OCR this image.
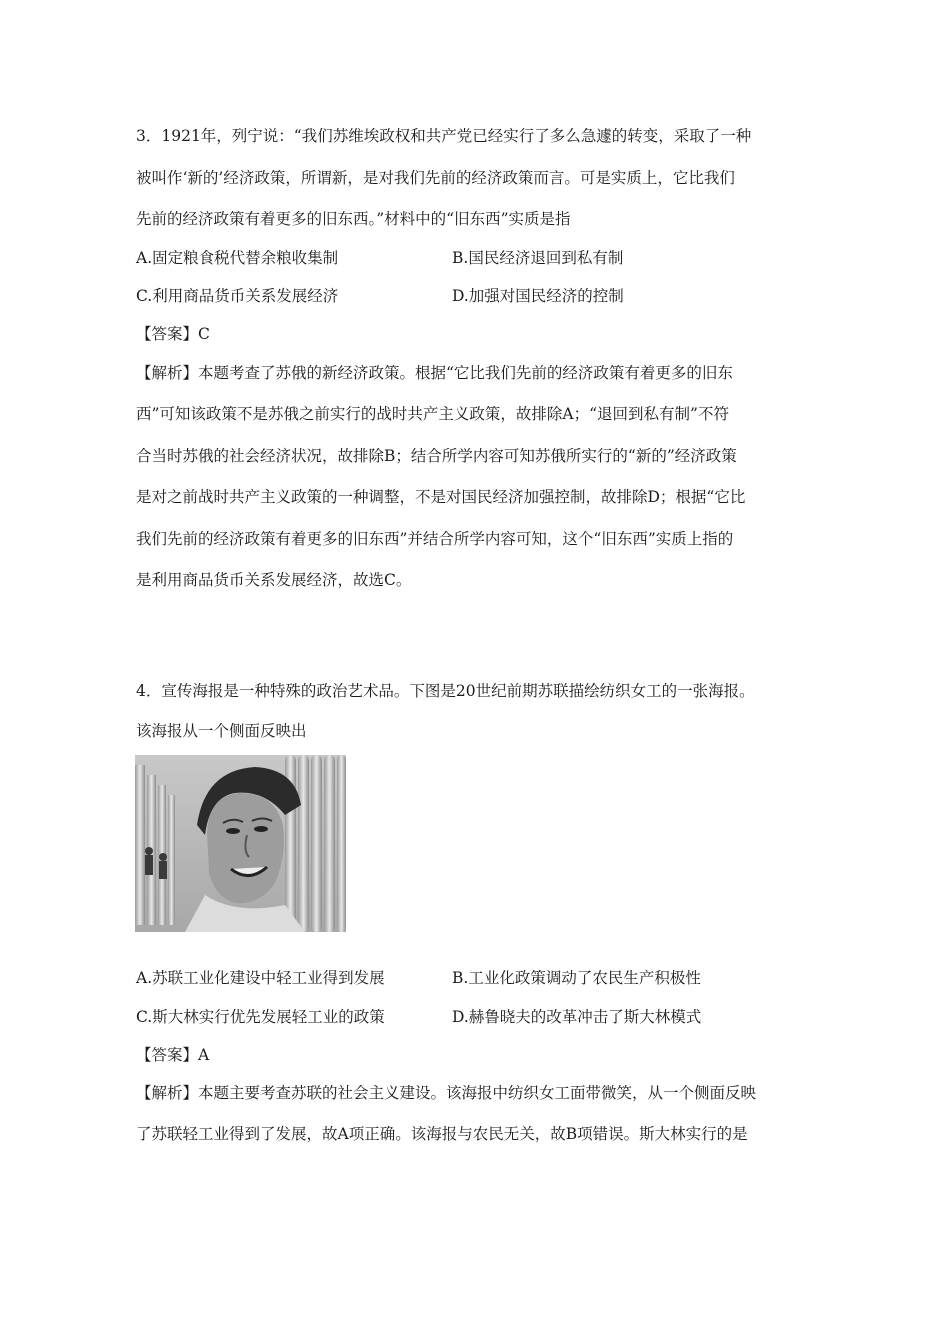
3．1921年，列宁说：“我们苏维埃政权和共产党已经实行了多么急遽的转变，采取了一种
被叫作‘新的’经济政策，所谓新，是对我们先前的经济政策而言。可是实质上，它比我们
先前的经济政策有着更多的旧东西。”材料中的“旧东西”实质是指
A.固定粮食税代替余粮收集制	B.国民经济退回到私有制
C.利用商品货币关系发展经济	D.加强对国民经济的控制
【答案】C
【解析】本题考查了苏俄的新经济政策。根据“它比我们先前的经济政策有着更多的旧东
西”可知该政策不是苏俄之前实行的战时共产主义政策，故排除A；“退回到私有制”不符
合当时苏俄的社会经济状况，故排除B；结合所学内容可知苏俄所实行的“新的”经济政策
是对之前战时共产主义政策的一种调整，不是对国民经济加强控制，故排除D；根据“它比
我们先前的经济政策有着更多的旧东西”并结合所学内容可知，这个“旧东西”实质上指的
是利用商品货币关系发展经济，故选C。
4．宣传海报是一种特殊的政治艺术品。下图是20世纪前期苏联描绘纺织女工的一张海报。
该海报从一个侧面反映出
A.苏联工业化建设中轻工业得到发展	B.工业化政策调动了农民生产积极性
C.斯大林实行优先发展轻工业的政策	D.赫鲁晓夫的改革冲击了斯大林模式
【答案】A
【解析】本题主要考查苏联的社会主义建设。该海报中纺织女工面带微笑，从一个侧面反映
了苏联轻工业得到了发展，故A项正确。该海报与农民无关，故B项错误。斯大林实行的是
